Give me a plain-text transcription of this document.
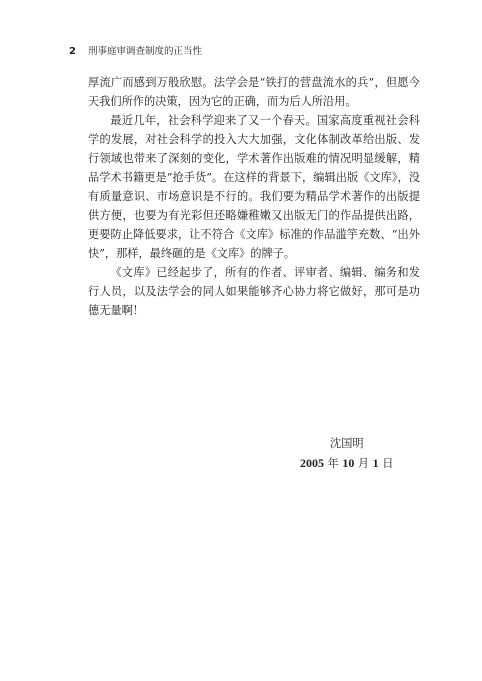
2 刑事庭审调查制度的正当性

厚流广而感到万般欣慰。法学会是“铁打的营盘流水的兵”，但愿今天我们所作的决策，因为它的正确，而为后人所沿用。

最近几年，社会科学迎来了又一个春天。国家高度重视社会科学的发展，对社会科学的投入大大加强，文化体制改革给出版、发行领域也带来了深刻的变化，学术著作出版难的情况明显缓解，精品学术书籍更是“抢手货”。在这样的背景下，编辑出版《文库》，没有质量意识、市场意识是不行的。我们要为精品学术著作的出版提供方便，也要为有光彩但还略嫌稚嫩又出版无门的作品提供出路，更要防止降低要求，让不符合《文库》标准的作品滥竽充数、“出外快”，那样，最终砸的是《文库》的牌子。

《文库》已经起步了，所有的作者、评审者、编辑、编务和发行人员，以及法学会的同人如果能够齐心协力将它做好，那可是功德无量啊！

沈国明
2005 年 10 月 1 日
